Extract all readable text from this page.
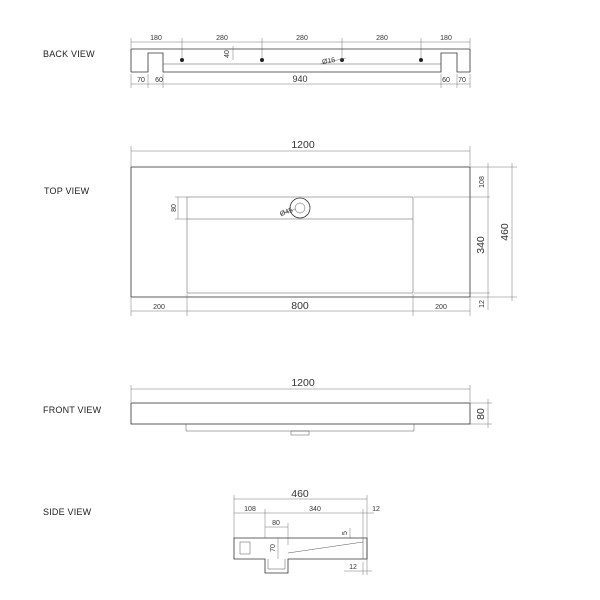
BACK VIEW
180	280	280	280	180
40
Ø16
70 60	940	60 70
TOP VIEW
1200
Ø45
80
200	800	200
108
340
460
12
FRONT VIEW
1200
80
SIDE VIEW
460
108	340	12
80
5
70
12
